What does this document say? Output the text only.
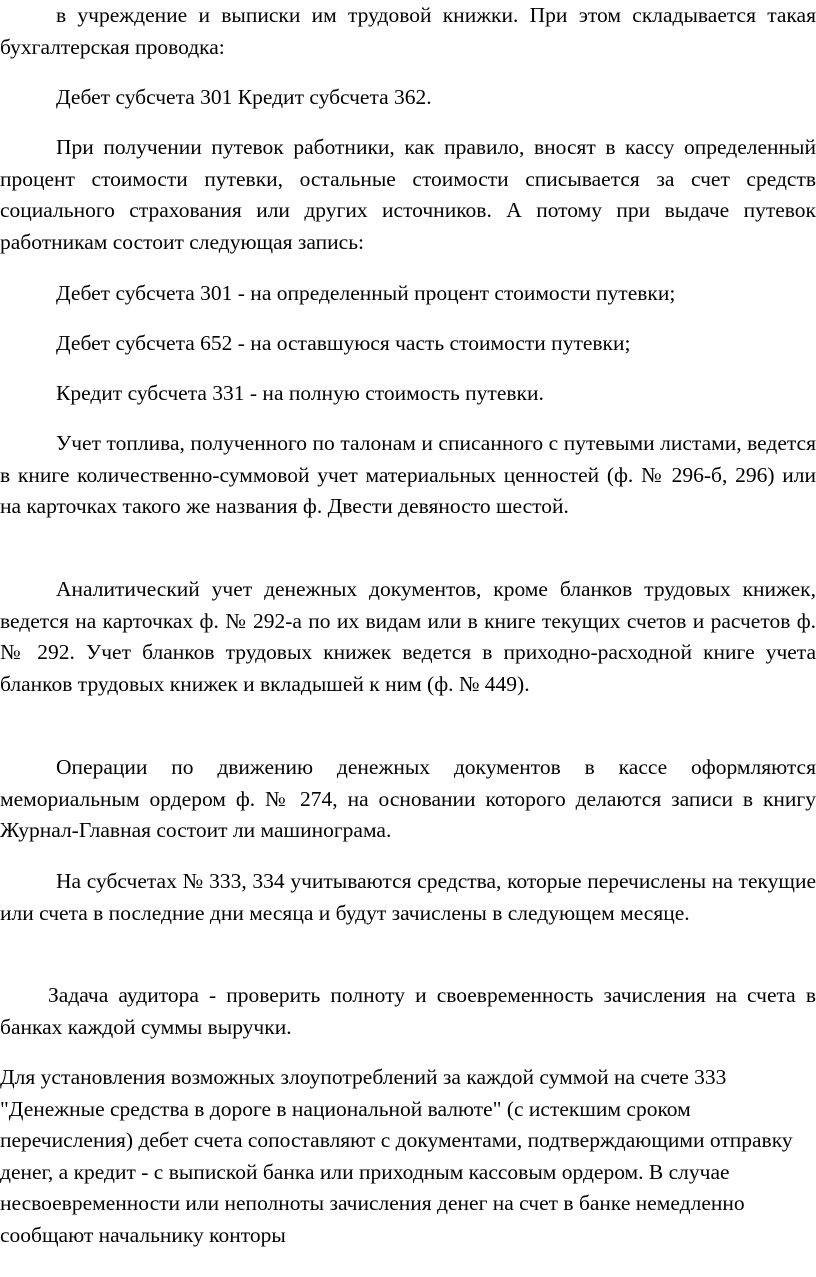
в учреждение и выписки им трудовой книжки. При этом складывается такая бухгалтерская проводка:

Дебет субсчета 301 Кредит субсчета 362.

При получении путевок работники, как правило, вносят в кассу определенный процент стоимости путевки, остальные стоимости списывается за счет средств социального страхования или других источников. А потому при выдаче путевок работникам состоит следующая запись:

Дебет субсчета 301 - на определенный процент стоимости путевки;

Дебет субсчета 652 - на оставшуюся часть стоимости путевки;

Кредит субсчета 331 - на полную стоимость путевки.

Учет топлива, полученного по талонам и списанного с путевыми листами, ведется в книге количественно-суммовой учет материальных ценностей (ф. № 296-б, 296) или на карточках такого же названия ф. Двести девяносто шестой.

Аналитический учет денежных документов, кроме бланков трудовых книжек, ведется на карточках ф. № 292-а по их видам или в книге текущих счетов и расчетов ф. № 292. Учет бланков трудовых книжек ведется в приходно-расходной книге учета бланков трудовых книжек и вкладышей к ним (ф. № 449).

Операции по движению денежных документов в кассе оформляются мемориальным ордером ф. № 274, на основании которого делаются записи в книгу Журнал-Главная состоит ли машинограма.

На субсчетах № 333, 334 учитываются средства, которые перечислены на текущие или счета в последние дни месяца и будут зачислены в следующем месяце.

Задача аудитора - проверить полноту и своевременность зачисления на счета в банках каждой суммы выручки.

Для установления возможных злоупотреблений за каждой суммой на счете 333 "Денежные средства в дороге в национальной валюте" (с истекшим сроком перечисления) дебет счета сопоставляют с документами, подтверждающими отправку денег, а кредит - с выпиской банка или приходным кассовым ордером. В случае несвоевременности или неполноты зачисления денег на счет в банке немедленно сообщают начальнику конторы
